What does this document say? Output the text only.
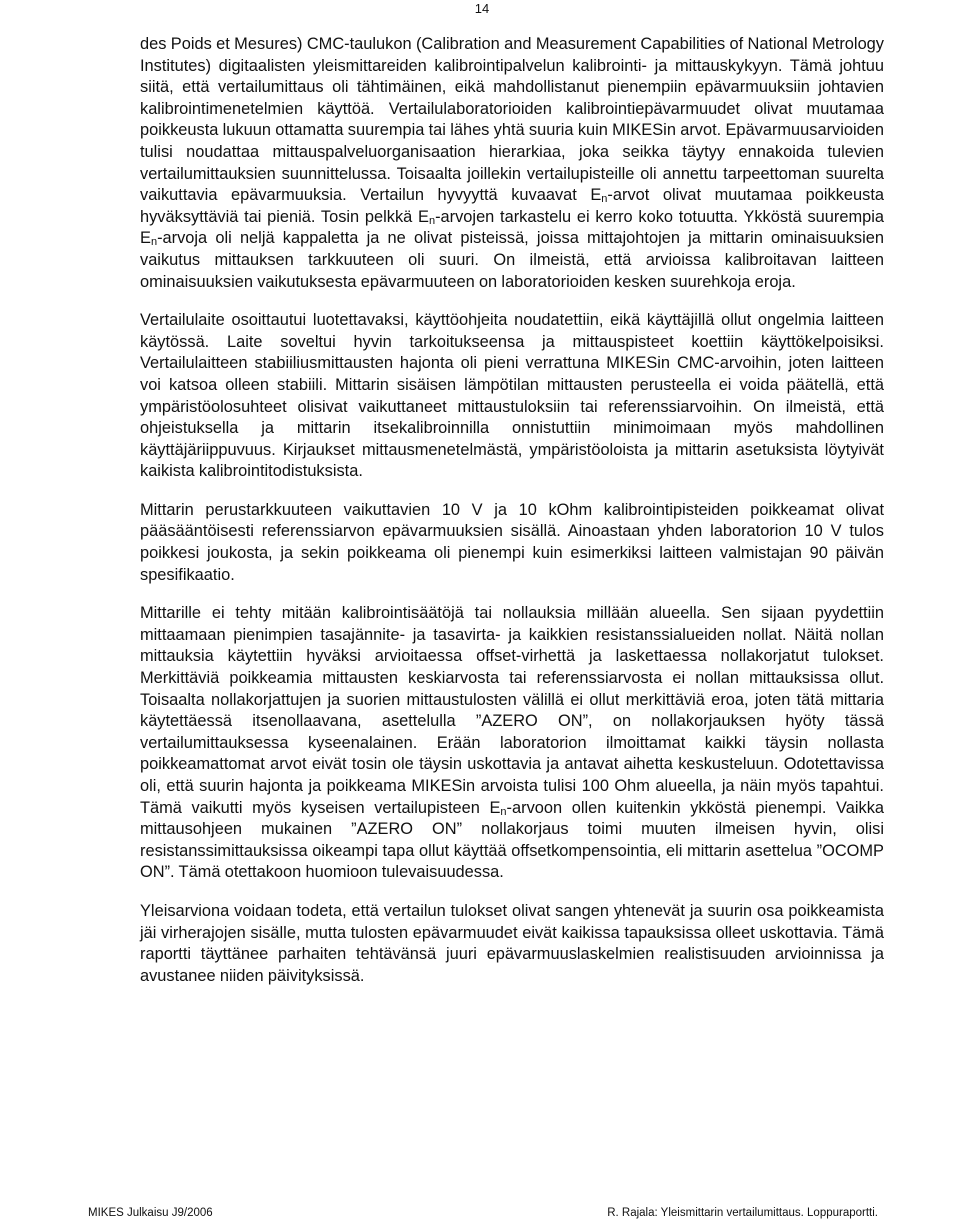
14

des Poids et Mesures) CMC-taulukon (Calibration and Measurement Capabilities of National Metrology Institutes) digitaalisten yleismittareiden kalibrointipalvelun kalibrointi- ja mittauskykyyn. Tämä johtuu siitä, että vertailumittaus oli tähtimäinen, eikä mahdollistanut pienempiin epävarmuuksiin johtavien kalibrointimenetelmien käyttöä. Vertailulaboratorioiden kalibrointiepävarmuudet olivat muutamaa poikkeusta lukuun ottamatta suurempia tai lähes yhtä suuria kuin MIKESin arvot. Epävarmuusarvioiden tulisi noudattaa mittauspalveluorganisaation hierarkiaa, joka seikka täytyy ennakoida tulevien vertailumittauksien suunnittelussa. Toisaalta joillekin vertailupisteille oli annettu tarpeettoman suurelta vaikuttavia epävarmuuksia. Vertailun hyvyyttä kuvaavat $E_n$-arvot olivat muutamaa poikkeusta hyväksyttäviä tai pieniä. Tosin pelkkä $E_n$-arvojen tarkastelu ei kerro koko totuutta. Ykköstä suurempia $E_n$-arvoja oli neljä kappaletta ja ne olivat pisteissä, joissa mittajohtojen ja mittarin ominaisuuksien vaikutus mittauksen tarkkuuteen oli suuri. On ilmeistä, että arvioissa kalibroitavan laitteen ominaisuuksien vaikutuksesta epävarmuuteen on laboratorioiden kesken suurehkoja eroja.

Vertailulaite osoittautui luotettavaksi, käyttöohjeita noudatettiin, eikä käyttäjillä ollut ongelmia laitteen käytössä. Laite soveltui hyvin tarkoitukseensa ja mittauspisteet koettiin käyttökelpoisiksi. Vertailulaitteen stabiiliusmittausten hajonta oli pieni verrattuna MIKESin CMC-arvoihin, joten laitteen voi katsoa olleen stabiili. Mittarin sisäisen lämpötilan mittausten perusteella ei voida päätellä, että ympäristöolosuhteet olisivat vaikuttaneet mittaustuloksiin tai referenssiarvoihin. On ilmeistä, että ohjeistuksella ja mittarin itsekalibroinnilla onnistuttiin minimoimaan myös mahdollinen käyttäjäriippuvuus. Kirjaukset mittausmenetelmästä, ympäristöoloista ja mittarin asetuksista löytyivät kaikista kalibrointitodistuksista.

Mittarin perustarkkuuteen vaikuttavien 10 V ja 10 kOhm kalibrointipisteiden poikkeamat olivat pääsääntöisesti referenssiarvon epävarmuuksien sisällä. Ainoastaan yhden laboratorion 10 V tulos poikkesi joukosta, ja sekin poikkeama oli pienempi kuin esimerkiksi laitteen valmistajan 90 päivän spesifikaatio.

Mittarille ei tehty mitään kalibrointisäätöjä tai nollauksia millään alueella. Sen sijaan pyydettiin mittaamaan pienimpien tasajännite- ja tasavirta- ja kaikkien resistanssialueiden nollat. Näitä nollan mittauksia käytettiin hyväksi arvioitaessa offset-virhettä ja laskettaessa nollakorjatut tulokset. Merkittäviä poikkeamia mittausten keskiarvosta tai referenssiarvosta ei nollan mittauksissa ollut. Toisaalta nollakorjattujen ja suorien mittaustulosten välillä ei ollut merkittäviä eroa, joten tätä mittaria käytettäessä itsenollaavana, asettelulla ”AZERO ON”, on nollakorjauksen hyöty tässä vertailumittauksessa kyseenalainen. Erään laboratorion ilmoittamat kaikki täysin nollasta poikkeamattomat arvot eivät tosin ole täysin uskottavia ja antavat aihetta keskusteluun. Odotettavissa oli, että suurin hajonta ja poikkeama MIKESin arvoista tulisi 100 Ohm alueella, ja näin myös tapahtui. Tämä vaikutti myös kyseisen vertailupisteen $E_n$-arvoon ollen kuitenkin ykköstä pienempi. Vaikka mittausohjeen mukainen ”AZERO ON” nollakorjaus toimi muuten ilmeisen hyvin, olisi resistanssimittauksissa oikeampi tapa ollut käyttää offsetkompensointia, eli mittarin asettelua ”OCOMP ON”. Tämä otettakoon huomioon tulevaisuudessa.

Yleisarviona voidaan todeta, että vertailun tulokset olivat sangen yhtenevät ja suurin osa poikkeamista jäi virherajojen sisälle, mutta tulosten epävarmuudet eivät kaikissa tapauksissa olleet uskottavia. Tämä raportti täyttänee parhaiten tehtävänsä juuri epävarmuuslaskelmien realistisuuden arvioinnissa ja avustanee niiden päivityksissä.

MIKES Julkaisu J9/2006	R. Rajala: Yleismittarin vertailumittaus. Loppuraportti.
